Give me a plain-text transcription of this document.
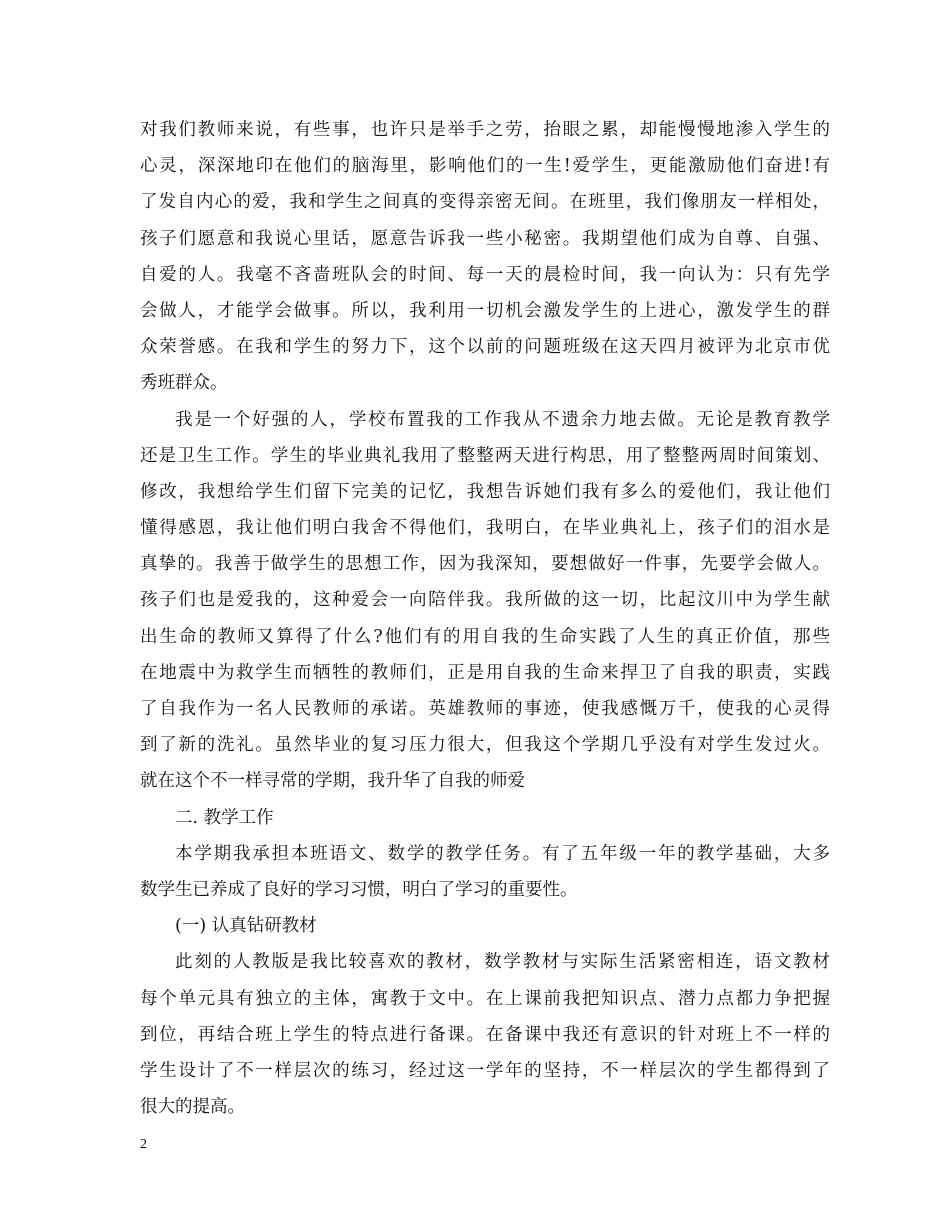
对我们教师来说，有些事，也许只是举手之劳，抬眼之累，却能慢慢地渗入学生的
心灵，深深地印在他们的脑海里，影响他们的一生!爱学生，更能激励他们奋进!有
了发自内心的爱，我和学生之间真的变得亲密无间。在班里，我们像朋友一样相处，
孩子们愿意和我说心里话，愿意告诉我一些小秘密。我期望他们成为自尊、自强、
自爱的人。我毫不吝啬班队会的时间、每一天的晨检时间，我一向认为：只有先学
会做人，才能学会做事。所以，我利用一切机会激发学生的上进心，激发学生的群
众荣誉感。在我和学生的努力下，这个以前的问题班级在这天四月被评为北京市优
秀班群众。
我是一个好强的人，学校布置我的工作我从不遗余力地去做。无论是教育教学
还是卫生工作。学生的毕业典礼我用了整整两天进行构思，用了整整两周时间策划、
修改，我想给学生们留下完美的记忆，我想告诉她们我有多么的爱他们，我让他们
懂得感恩，我让他们明白我舍不得他们，我明白，在毕业典礼上，孩子们的泪水是
真挚的。我善于做学生的思想工作，因为我深知，要想做好一件事，先要学会做人。
孩子们也是爱我的，这种爱会一向陪伴我。我所做的这一切，比起汶川中为学生献
出生命的教师又算得了什么?他们有的用自我的生命实践了人生的真正价值，那些
在地震中为救学生而牺牲的教师们，正是用自我的生命来捍卫了自我的职责，实践
了自我作为一名人民教师的承诺。英雄教师的事迹，使我感慨万千，使我的心灵得
到了新的洗礼。虽然毕业的复习压力很大，但我这个学期几乎没有对学生发过火。
就在这个不一样寻常的学期，我升华了自我的师爱
二. 教学工作
本学期我承担本班语文、数学的教学任务。有了五年级一年的教学基础，大多
数学生已养成了良好的学习习惯，明白了学习的重要性。
(一) 认真钻研教材
此刻的人教版是我比较喜欢的教材，数学教材与实际生活紧密相连，语文教材
每个单元具有独立的主体，寓教于文中。在上课前我把知识点、潜力点都力争把握
到位，再结合班上学生的特点进行备课。在备课中我还有意识的针对班上不一样的
学生设计了不一样层次的练习，经过这一学年的坚持，不一样层次的学生都得到了
很大的提高。
2
